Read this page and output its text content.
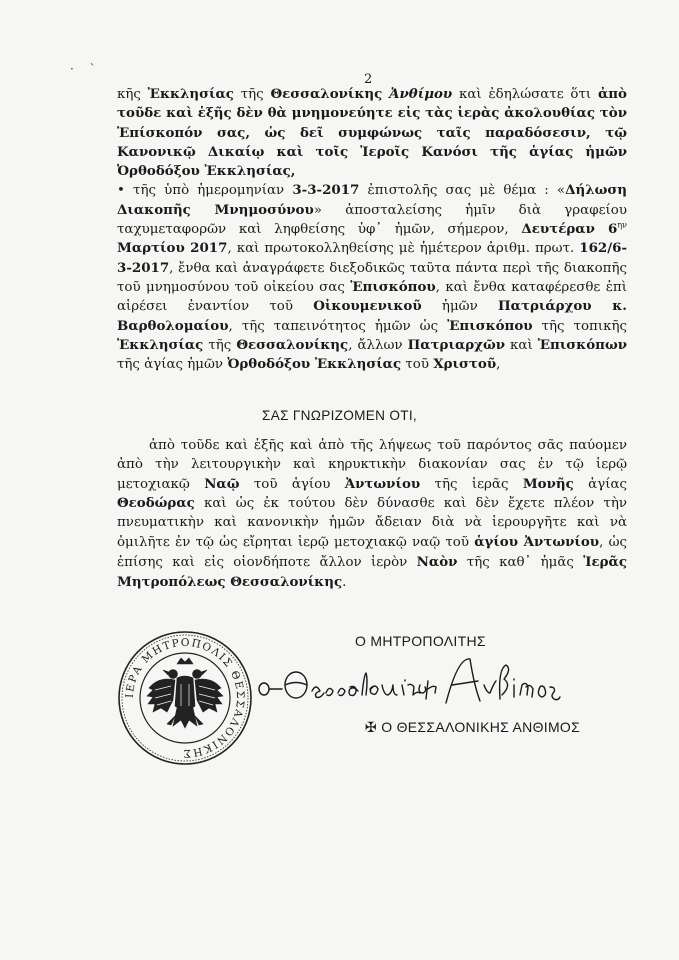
· ˋ
2

κῆς Ἐκκλησίας τῆς Θεσσαλονίκης Ἀνθίμου καὶ ἐδηλώσατε ὅτι ἀπὸ τοῦδε καὶ ἑξῆς δὲν θὰ μνημονεύητε εἰς τὰς ἱερὰς ἀκολουθίας τὸν Ἐπίσκοπόν σας, ὡς δεῖ συμφώνως ταῖς παραδόσεσιν, τῷ Κανονικῷ Δικαίῳ καὶ τοῖς Ἱεροῖς Κανόσι τῆς ἁγίας ἡμῶν Ὀρθοδόξου Ἐκκλησίας,

• τῆς ὑπὸ ἡμερομηνίαν 3-3-2017 ἐπιστολῆς σας μὲ θέμα : «Δήλωση Διακοπῆς Μνημοσύνου» ἀποσταλείσης ἡμῖν διὰ γραφείου ταχυμεταφορῶν καὶ ληφθείσης ὑφ᾽ ἡμῶν, σήμερον, Δευτέραν $6^{\eta\nu}$ Μαρτίου 2017, καὶ πρωτοκολληθείσης μὲ ἡμέτερον ἀριθμ. πρωτ. 162/6-3-2017, ἔνθα καὶ ἀναγράφετε διεξοδικῶς ταῦτα πάντα περὶ τῆς διακοπῆς τοῦ μνημοσύνου τοῦ οἰκείου σας Ἐπισκόπου, καὶ ἔνθα καταφέρεσθε ἐπὶ αἱρέσει ἐναντίον τοῦ Οἰκουμενικοῦ ἡμῶν Πατριάρχου κ. Βαρθολομαίου, τῆς ταπεινότητος ἡμῶν ὡς Ἐπισκόπου τῆς τοπικῆς Ἐκκλησίας τῆς Θεσσαλονίκης, ἄλλων Πατριαρχῶν καὶ Ἐπισκόπων τῆς ἁγίας ἡμῶν Ὀρθοδόξου Ἐκκλησίας τοῦ Χριστοῦ,

ΣΑΣ ΓΝΩΡΙΖΟΜΕΝ ΟΤΙ,

ἀπὸ τοῦδε καὶ ἑξῆς καὶ ἀπὸ τῆς λήψεως τοῦ παρόντος σᾶς παύομεν ἀπὸ τὴν λειτουργικὴν καὶ κηρυκτικὴν διακονίαν σας ἐν τῷ ἱερῷ μετοχιακῷ Ναῷ τοῦ ἁγίου Ἀντωνίου τῆς ἱερᾶς Μονῆς ἁγίας Θεοδώρας καὶ ὡς ἐκ τούτου δὲν δύνασθε καὶ δὲν ἔχετε πλέον τὴν πνευματικὴν καὶ κανονικὴν ἡμῶν ἄδειαν διὰ νὰ ἱερουργῆτε καὶ νὰ ὁμιλῆτε ἐν τῷ ὡς εἴρηται ἱερῷ μετοχιακῷ ναῷ τοῦ ἁγίου Ἀντωνίου, ὡς ἐπίσης καὶ εἰς οἱονδήποτε ἄλλον ἱερὸν Ναὸν τῆς καθ᾽ ἡμᾶς Ἱερᾶς Μητροπόλεως Θεσσαλονίκης.

Ο ΜΗΤΡΟΠΟΛΙΤΗΣ
ΙΕΡΑ ΜΗΤΡΟΠΟΛΙΣ ΘΕΣΣΑΛΟΝΙΚΗΣ
✠ Ο ΘΕΣΣΑΛΟΝΙΚΗΣ ΑΝΘΙΜΟΣ
